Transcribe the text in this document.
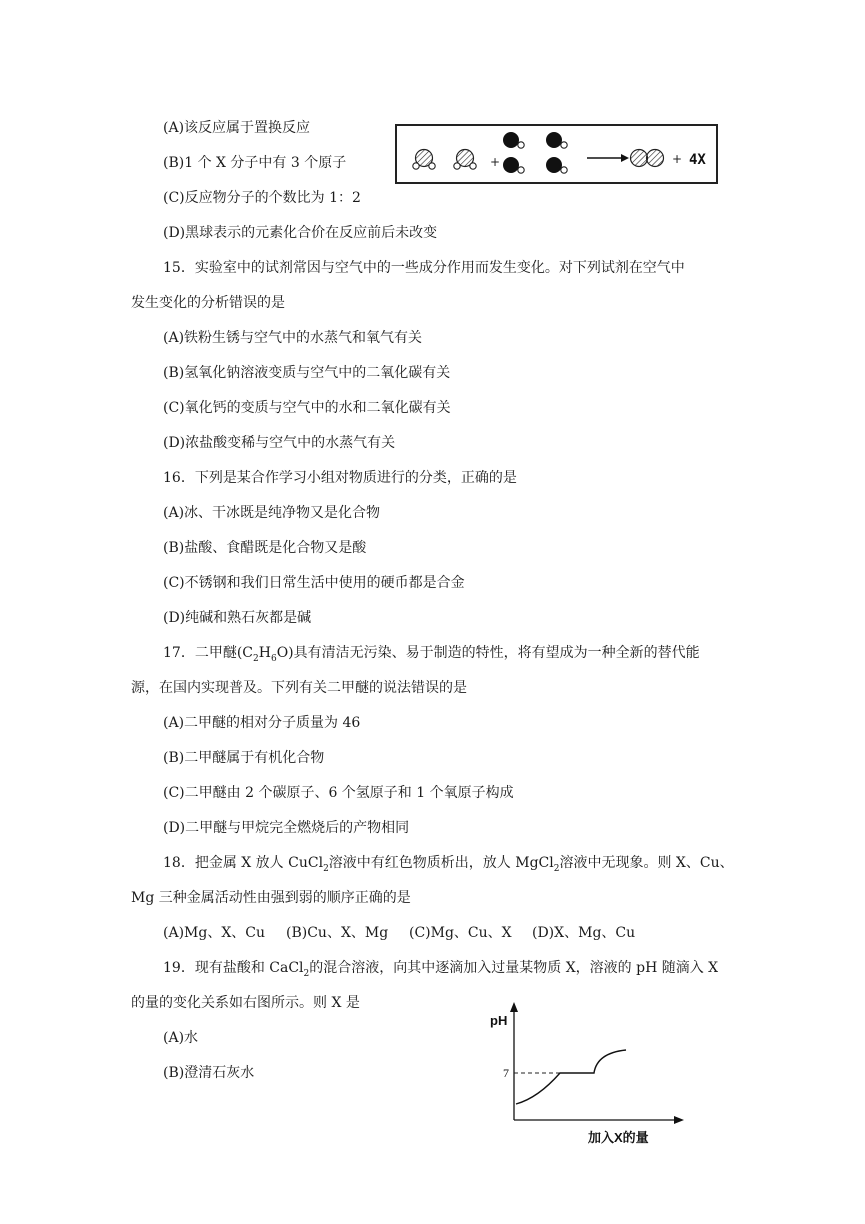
(A)该反应属于置换反应
(B)1 个 X 分子中有 3 个原子
(C)反应物分子的个数比为 1：2
(D)黑球表示的元素化合价在反应前后未改变
+	+ 4X
15．实验室中的试剂常因与空气中的一些成分作用而发生变化。对下列试剂在空气中
发生变化的分析错误的是
(A)铁粉生锈与空气中的水蒸气和氧气有关
(B)氢氧化钠溶液变质与空气中的二氧化碳有关
(C)氧化钙的变质与空气中的水和二氧化碳有关
(D)浓盐酸变稀与空气中的水蒸气有关
16．下列是某合作学习小组对物质进行的分类，正确的是
(A)冰、干冰既是纯净物又是化合物
(B)盐酸、食醋既是化合物又是酸
(C)不锈钢和我们日常生活中使用的硬币都是合金
(D)纯碱和熟石灰都是碱
17．二甲醚$(C_2H_6O)$具有清洁无污染、易于制造的特性，将有望成为一种全新的替代能
源，在国内实现普及。下列有关二甲醚的说法错误的是
(A)二甲醚的相对分子质量为 46
(B)二甲醚属于有机化合物
(C)二甲醚由 2 个碳原子、6 个氢原子和 1 个氧原子构成
(D)二甲醚与甲烷完全燃烧后的产物相同
18．把金属 X 放人 CuCl$_2$溶液中有红色物质析出，放人 MgCl$_2$溶液中无现象。则 X、Cu、
Mg 三种金属活动性由强到弱的顺序正确的是
(A)Mg、X、Cu (B)Cu、X、Mg (C)Mg、Cu、X (D)X、Mg、Cu
19．现有盐酸和 CaCl$_2$的混合溶液，向其中逐滴加入过量某物质 X，溶液的 pH 随滴入 X
的量的变化关系如右图所示。则 X 是
(A)水
(B)澄清石灰水
pH
7
加入X的量
